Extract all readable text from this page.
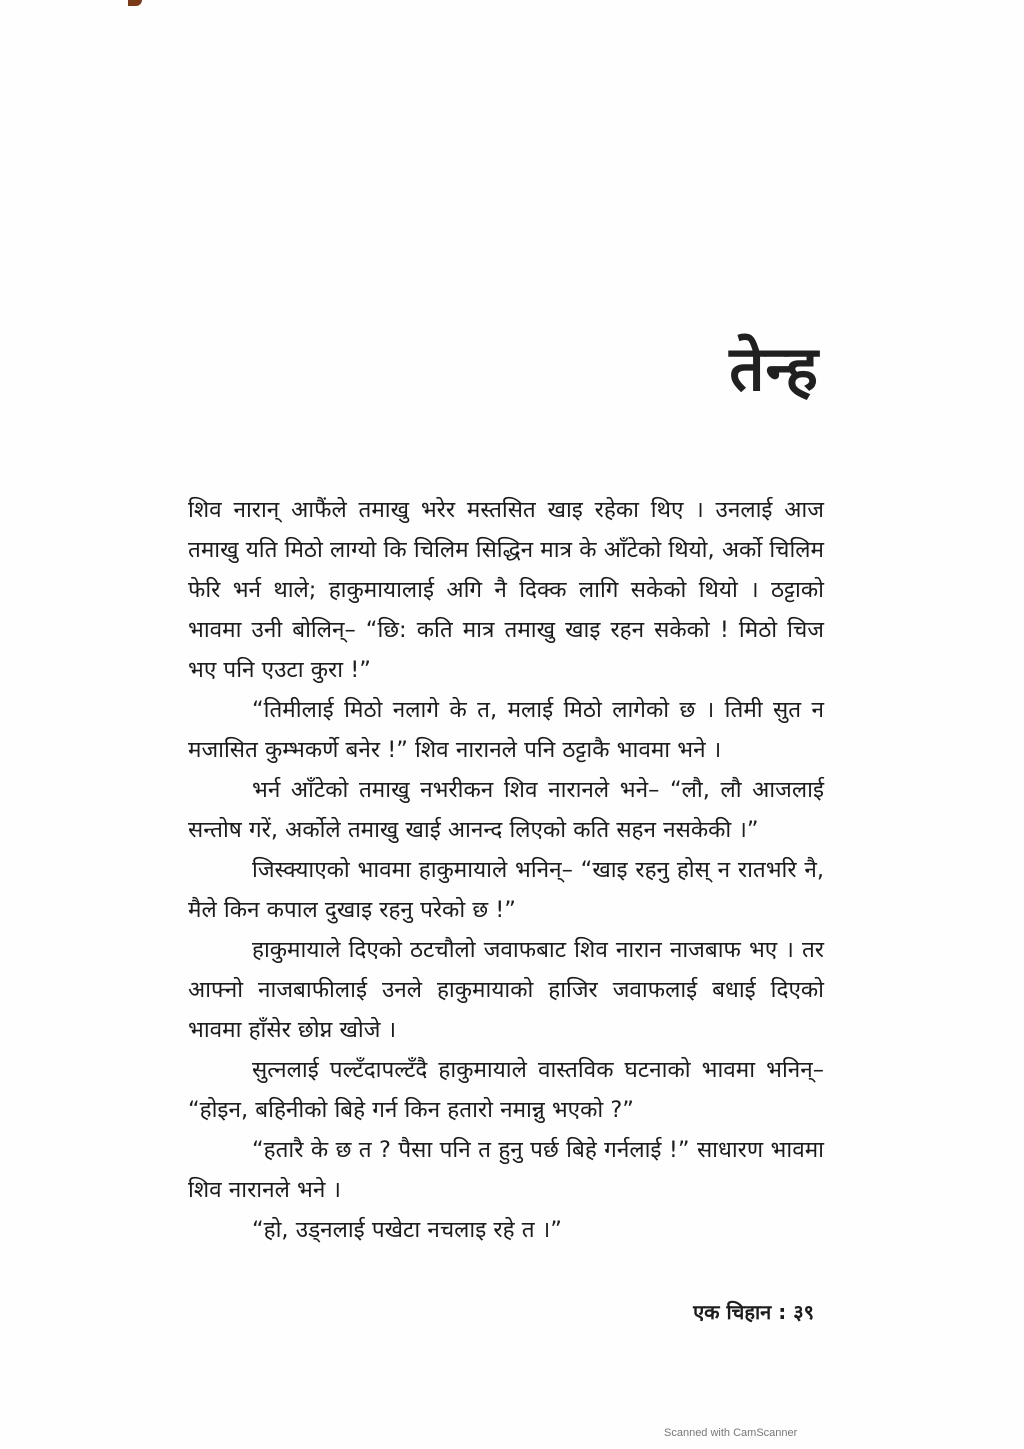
तेन्ह

शिव नारान् आफैंले तमाखु भरेर मस्तसित खाइ रहेका थिए । उनलाई आज तमाखु यति मिठो लाग्यो कि चिलिम सिद्धिन मात्र के आँटेको थियो, अर्को चिलिम फेरि भर्न थाले; हाकुमायालाई अगि नै दिक्क लागि सकेको थियो । ठट्टाको भावमा उनी बोलिन्– “छि: कति मात्र तमाखु खाइ रहन सकेको ! मिठो चिज भए पनि एउटा कुरा !”

“तिमीलाई मिठो नलागे के त, मलाई मिठो लागेको छ । तिमी सुत न मजासित कुम्भकर्णे बनेर !” शिव नारानले पनि ठट्टाकै भावमा भने ।

भर्न आँटेको तमाखु नभरीकन शिव नारानले भने– “लौ, लौ आजलाई सन्तोष गरें, अर्कोले तमाखु खाई आनन्द लिएको कति सहन नसकेकी ।”

जिस्क्याएको भावमा हाकुमायाले भनिन्– “खाइ रहनु होस् न रातभरि नै, मैले किन कपाल दुखाइ रहनु परेको छ !”

हाकुमायाले दिएको ठटचौलो जवाफबाट शिव नारान नाजबाफ भए । तर आफ्नो नाजबाफीलाई उनले हाकुमायाको हाजिर जवाफलाई बधाई दिएको भावमा हाँसेर छोप्न खोजे ।

सुत्नलाई पल्टँदापल्टँदै हाकुमायाले वास्तविक घटनाको भावमा भनिन्– “होइन, बहिनीको बिहे गर्न किन हतारो नमान्नु भएको ?”

“हतारै के छ त ? पैसा पनि त हुनु पर्छ बिहे गर्नलाई !” साधारण भावमा शिव नारानले भने ।

“हो, उड्नलाई पखेटा नचलाइ रहे त ।”

एक चिहान : ३९
Scanned with CamScanner
